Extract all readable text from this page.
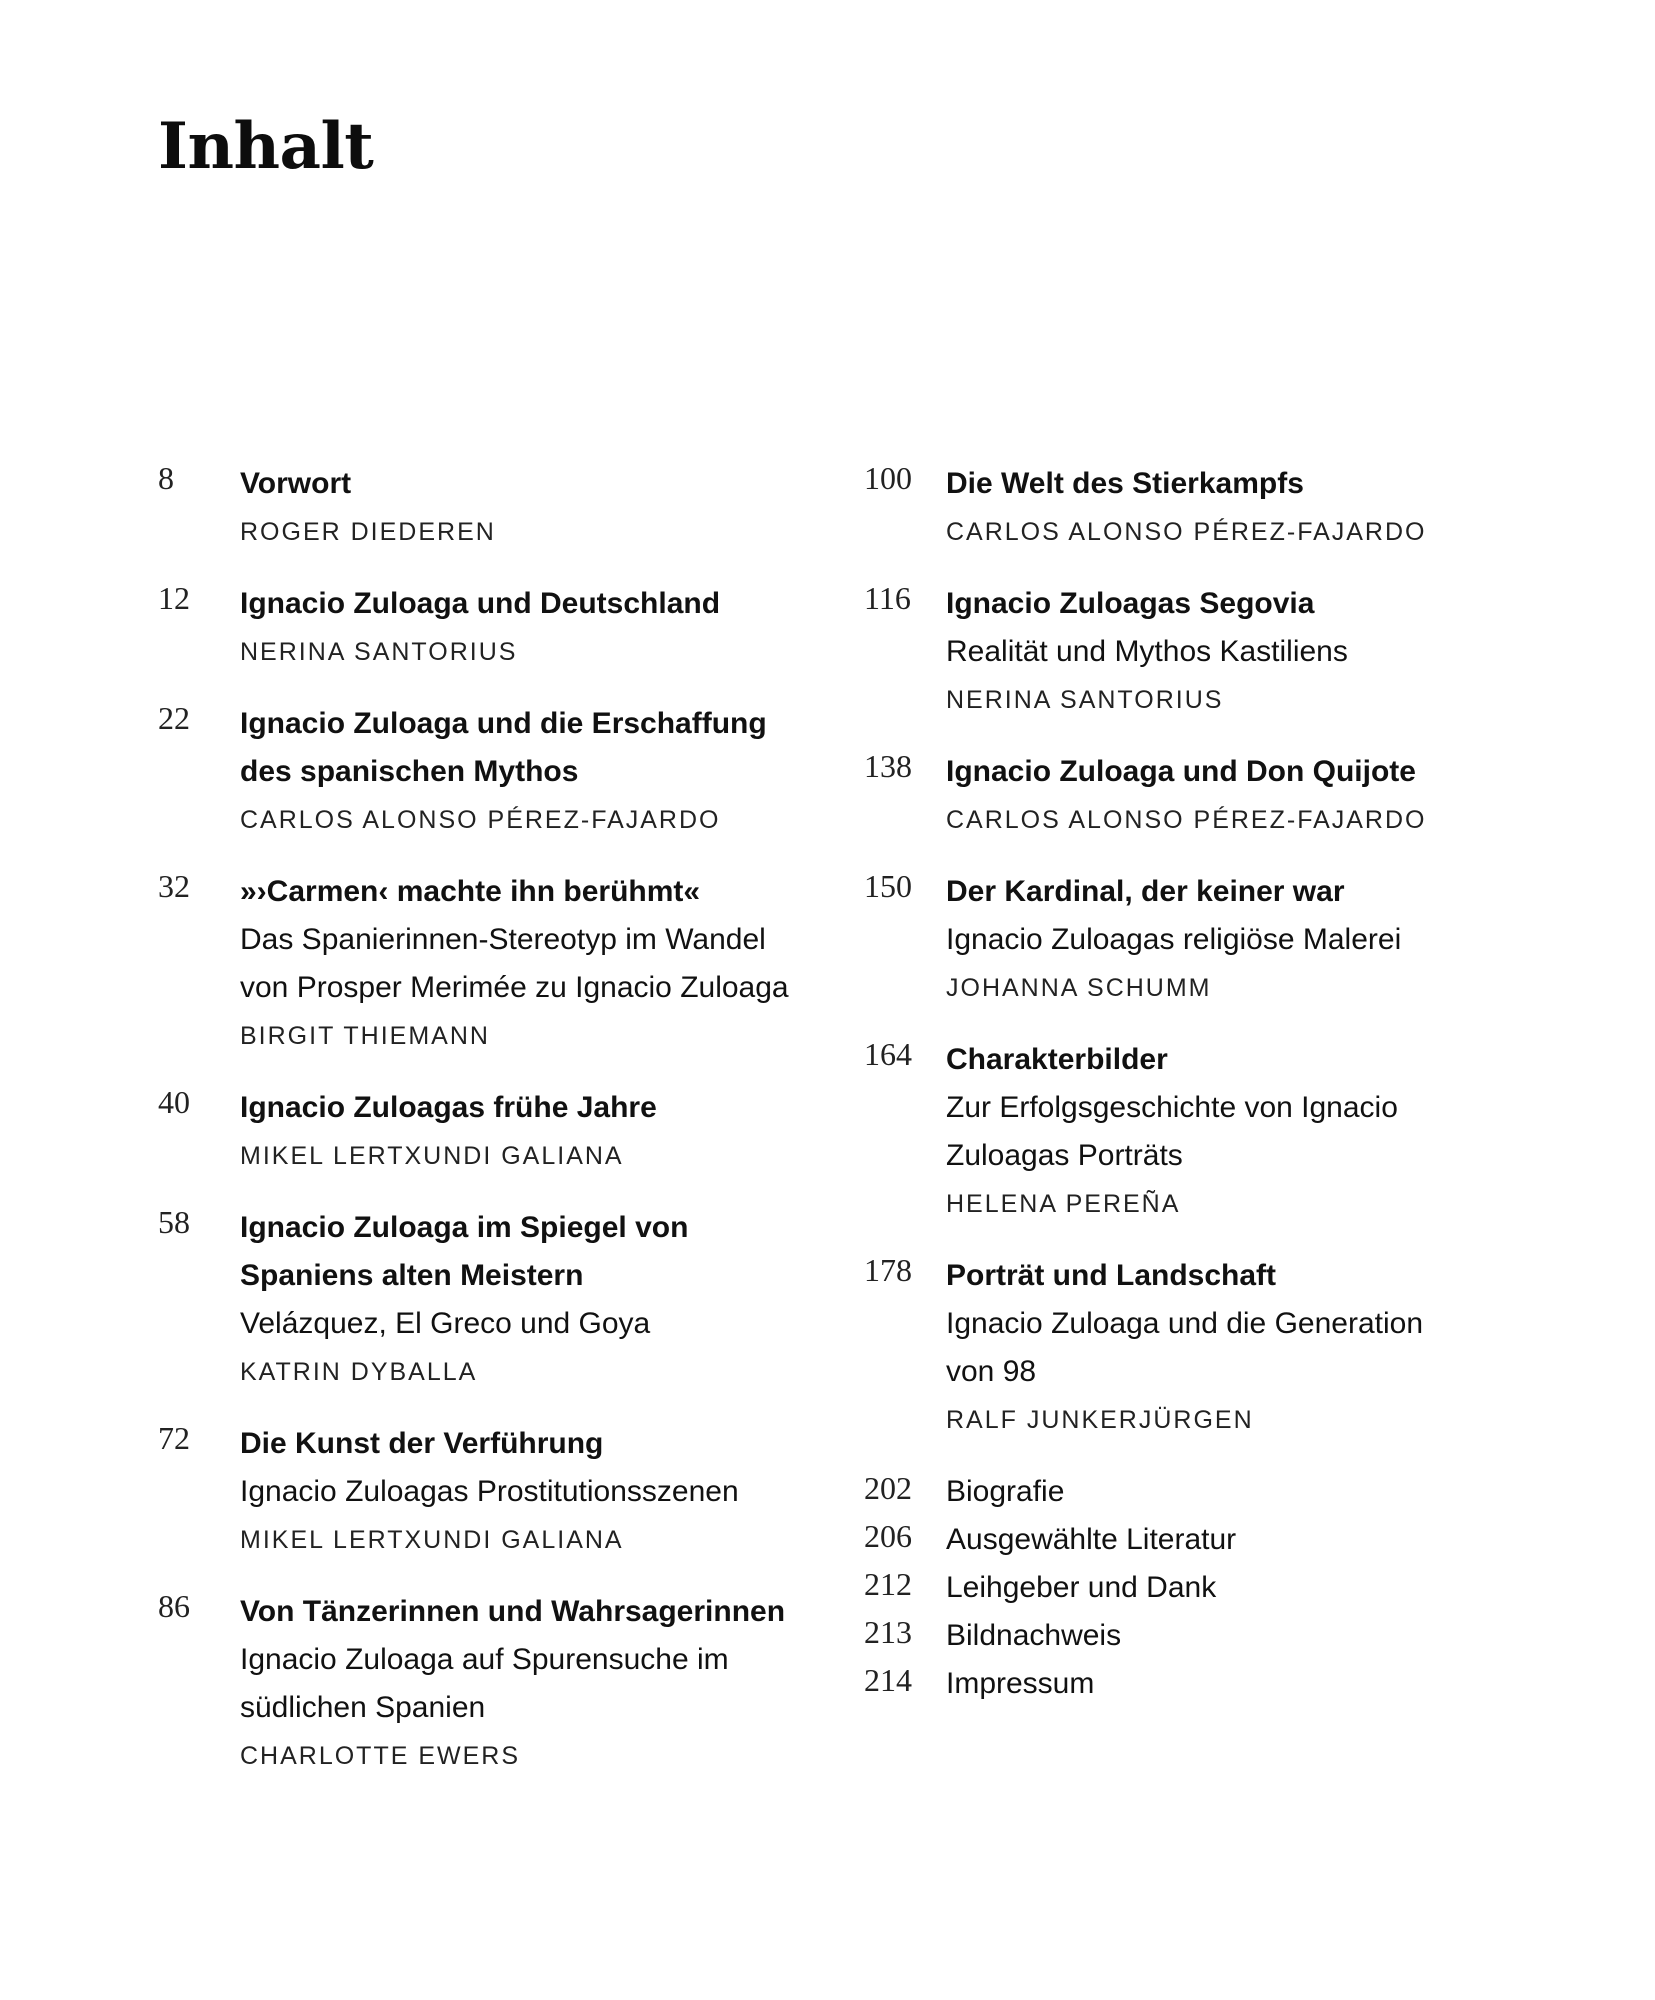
Inhalt
8	Vorwort
ROGER DIEDEREN
12	Ignacio Zuloaga und Deutschland
NERINA SANTORIUS
22	Ignacio Zuloaga und die Erschaffung
des spanischen Mythos
CARLOS ALONSO PÉREZ-FAJARDO
32	»›Carmen‹ machte ihn berühmt«
Das Spanierinnen-Stereotyp im Wandel
von Prosper Merimée zu Ignacio Zuloaga
BIRGIT THIEMANN
40	Ignacio Zuloagas frühe Jahre
MIKEL LERTXUNDI GALIANA
58	Ignacio Zuloaga im Spiegel von
Spaniens alten Meistern
Velázquez, El Greco und Goya
KATRIN DYBALLA
72	Die Kunst der Verführung
Ignacio Zuloagas Prostitutionsszenen
MIKEL LERTXUNDI GALIANA
86	Von Tänzerinnen und Wahrsagerinnen
Ignacio Zuloaga auf Spurensuche im
südlichen Spanien
CHARLOTTE EWERS
100	Die Welt des Stierkampfs
CARLOS ALONSO PÉREZ-FAJARDO
116	Ignacio Zuloagas Segovia
Realität und Mythos Kastiliens
NERINA SANTORIUS
138	Ignacio Zuloaga und Don Quijote
CARLOS ALONSO PÉREZ-FAJARDO
150	Der Kardinal, der keiner war
Ignacio Zuloagas religiöse Malerei
JOHANNA SCHUMM
164	Charakterbilder
Zur Erfolgsgeschichte von Ignacio
Zuloagas Porträts
HELENA PEREÑA
178	Porträt und Landschaft
Ignacio Zuloaga und die Generation
von 98
RALF JUNKERJÜRGEN
202	Biografie
206	Ausgewählte Literatur
212	Leihgeber und Dank
213	Bildnachweis
214	Impressum
